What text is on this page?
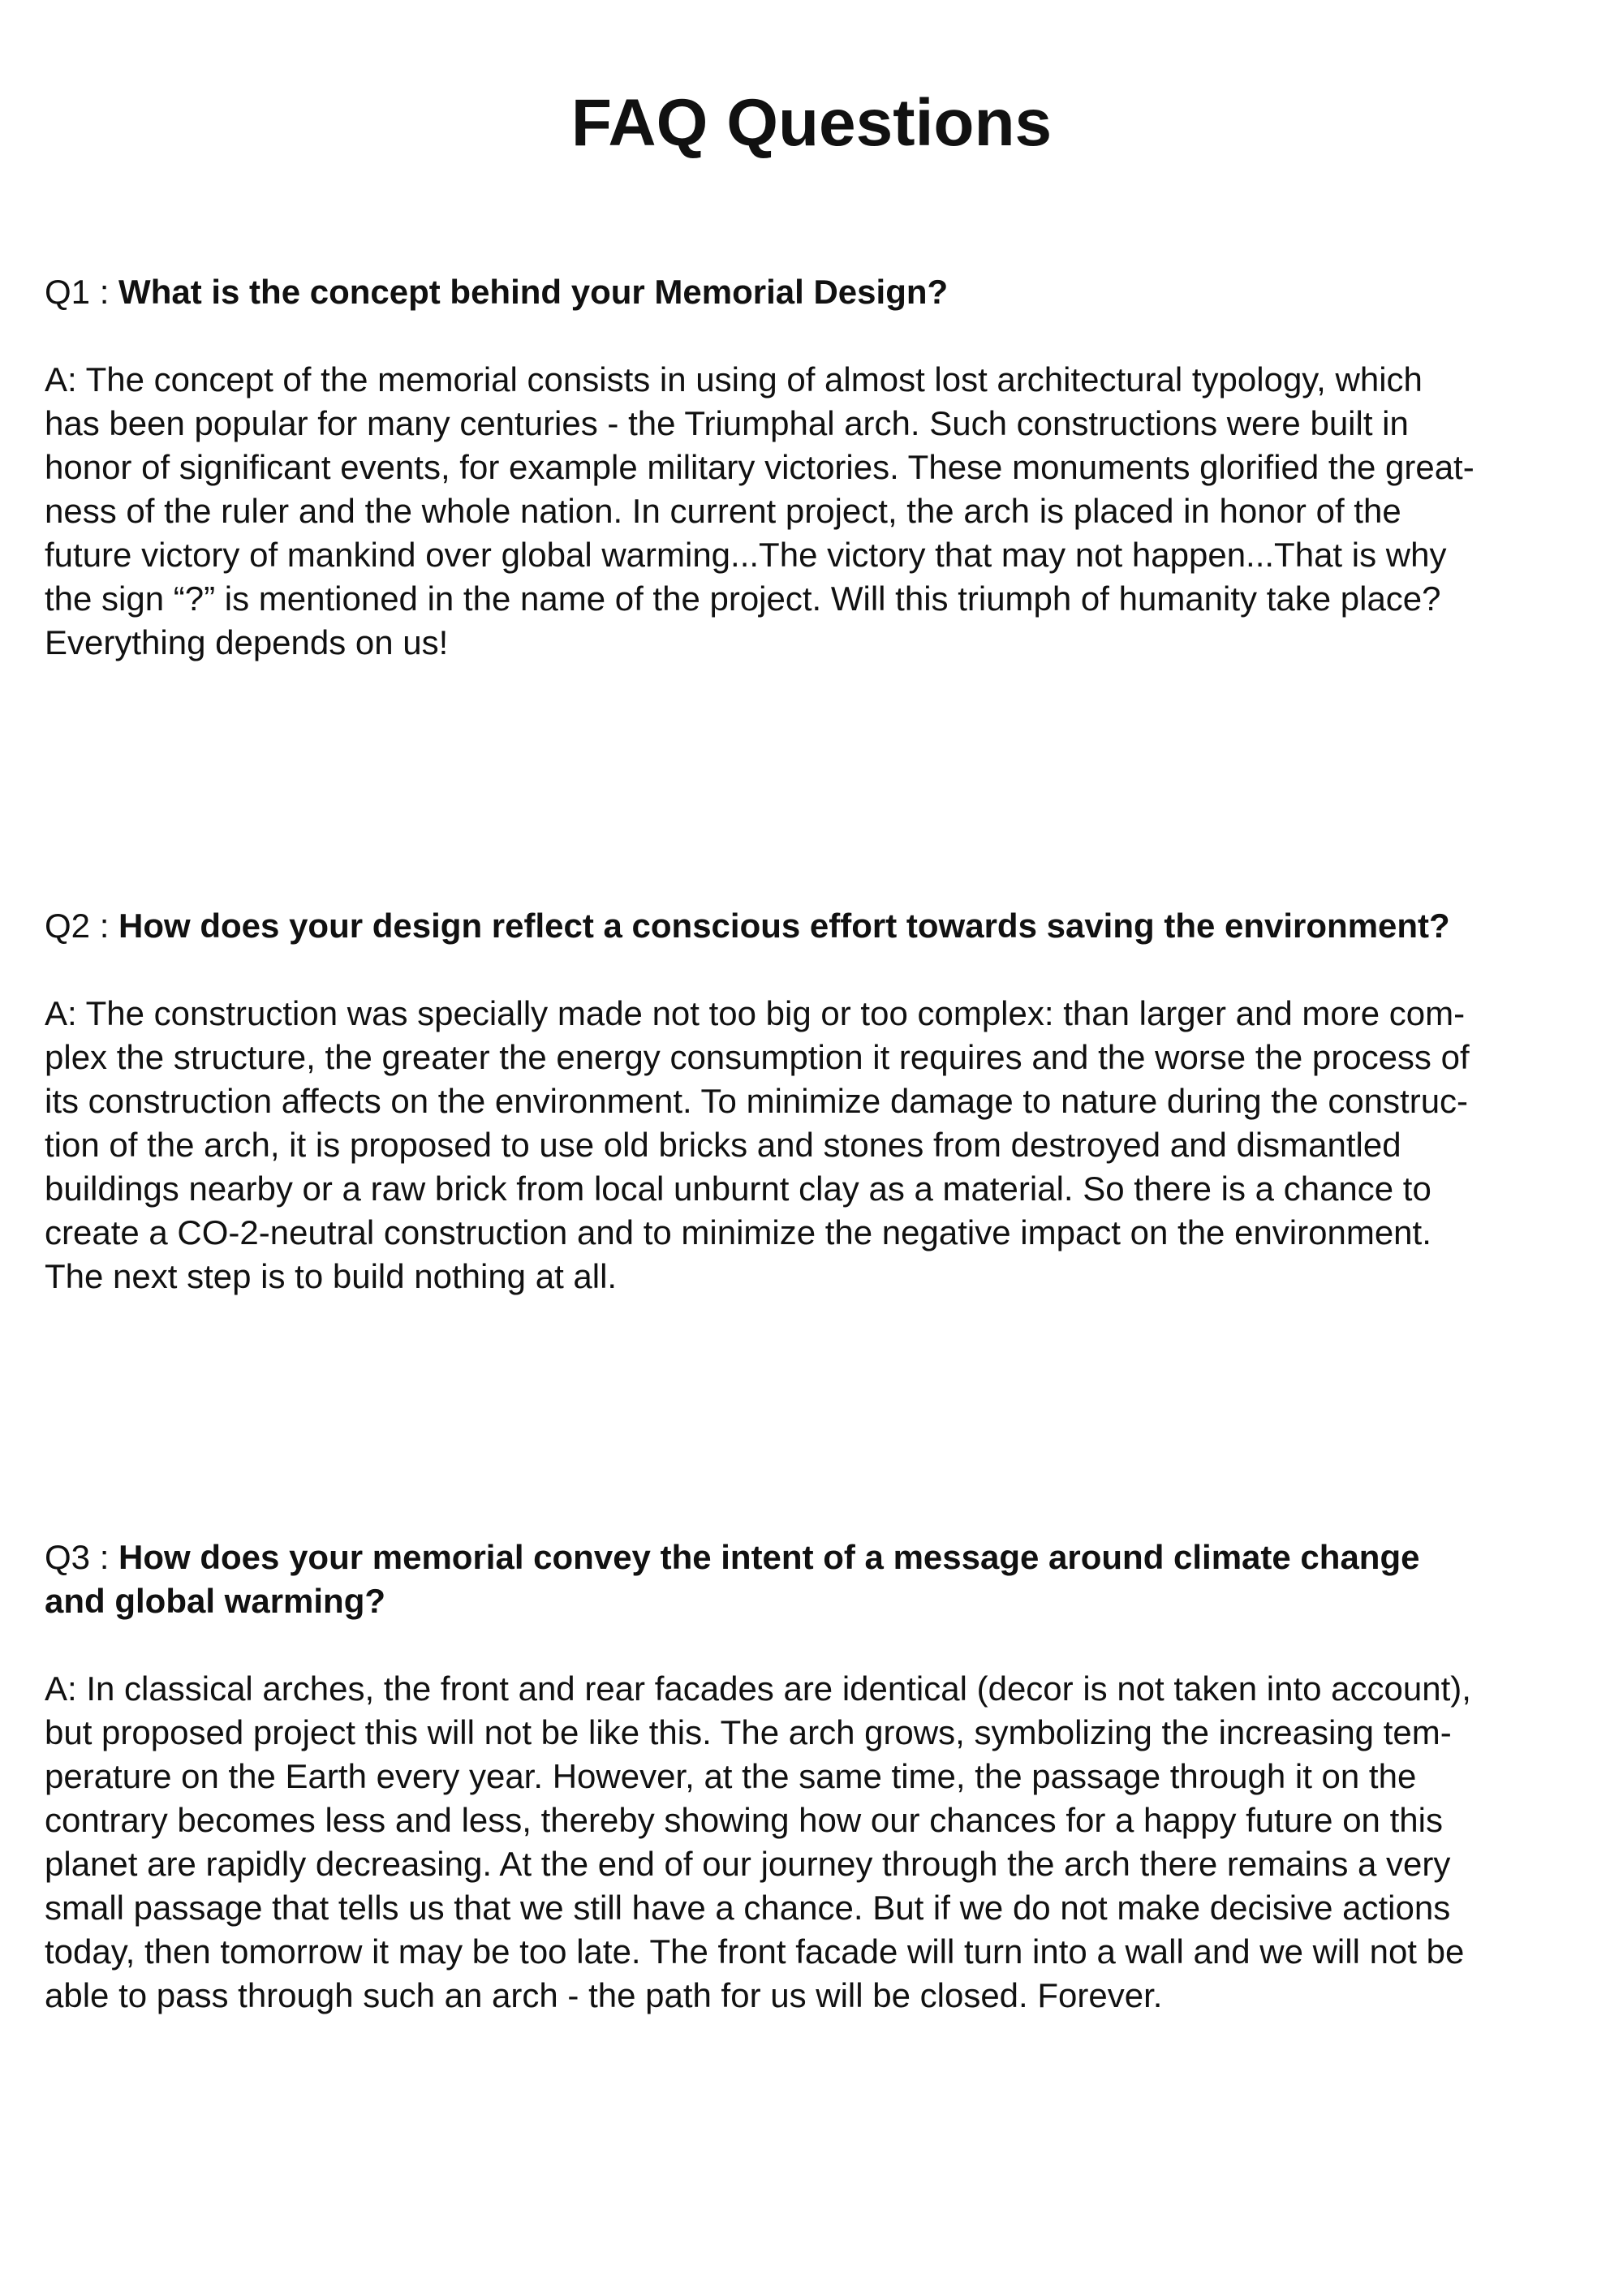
FAQ Questions

Q1 : What is the concept behind your Memorial Design?

A: The concept of the memorial consists in using of almost lost architectural typology, which
has been popular for many centuries - the Triumphal arch. Such constructions were built in
honor of significant events, for example military victories. These monuments glorified the great-
ness of the ruler and the whole nation. In current project, the arch is placed in honor of the
future victory of mankind over global warming...The victory that may not happen...That is why
the sign “?” is mentioned in the name of the project. Will this triumph of humanity take place?
Everything depends on us!

Q2 : How does your design reflect a conscious effort towards saving the environment?

A: The construction was specially made not too big or too complex: than larger and more com-
plex the structure, the greater the energy consumption it requires and the worse the process of
its construction affects on the environment. To minimize damage to nature during the construc-
tion of the arch, it is proposed to use old bricks and stones from destroyed and dismantled
buildings nearby or a raw brick from local unburnt clay as a material. So there is a chance to
create a CO-2-neutral construction and to minimize the negative impact on the environment.
The next step is to build nothing at all.

Q3 : How does your memorial convey the intent of a message around climate change
and global warming?

A: In classical arches, the front and rear facades are identical (decor is not taken into account),
but proposed project this will not be like this. The arch grows, symbolizing the increasing tem-
perature on the Earth every year. However, at the same time, the passage through it on the
contrary becomes less and less, thereby showing how our chances for a happy future on this
planet are rapidly decreasing. At the end of our journey through the arch there remains a very
small passage that tells us that we still have a chance. But if we do not make decisive actions
today, then tomorrow it may be too late. The front facade will turn into a wall and we will not be
able to pass through such an arch - the path for us will be closed. Forever.
